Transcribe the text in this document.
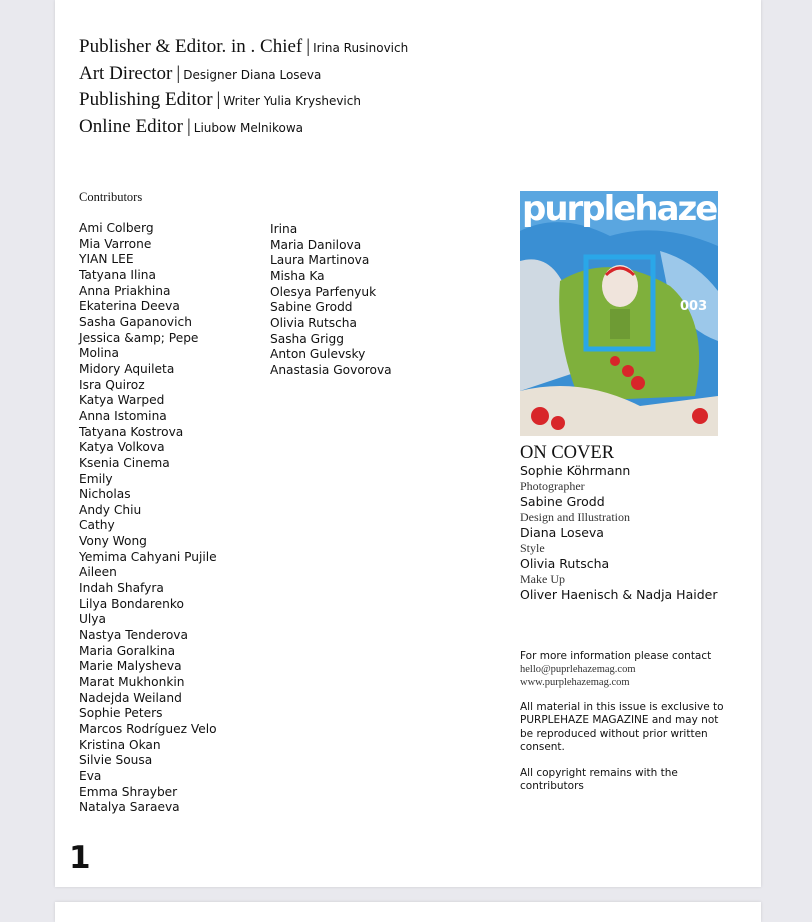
Publisher & Editor. in . Chief | Irina Rusinovich
Art Director | Designer Diana Loseva
Publishing Editor | Writer Yulia Kryshevich
Online Editor | Liubow Melnikowa
Contributors
Ami Colberg
Mia Varrone
YIAN LEE
Tatyana Ilina
Anna Priakhina
Ekaterina Deeva
Sasha Gapanovich
Jessica &amp; Pepe
Molina
Midory Aquileta
Isra Quiroz
Katya Warped
Anna Istomina
Tatyana Kostrova
Katya Volkova
Ksenia Cinema
Emily
Nicholas
Andy Chiu
Cathy
Vony Wong
Yemima Cahyani Pujile
Aileen
Indah Shafyra
Lilya Bondarenko
Ulya
Nastya Tenderova
Maria Goralkina
Marie Malysheva
Marat Mukhonkin
Nadejda Weiland
Sophie Peters
Marcos Rodríguez Velo
Kristina Okan
Silvie Sousa
Eva
Emma Shrayber
Natalya Saraeva
Irina
Maria Danilova
Laura Martinova
Misha Ka
Olesya Parfenyuk
Sabine Grodd
Olivia Rutscha
Sasha Grigg
Anton Gulevsky
Anastasia Govorova
purplehaze
003
ON COVER
Sophie Köhrmann
Photographer
Sabine Grodd
Design and Illustration
Diana Loseva
Style
Olivia Rutscha
Make Up
Oliver Haenisch & Nadja Haider
For more information please contact
hello@puprlehazemag.com
www.purplehazemag.com
All material in this issue is exclusive to PURPLEHAZE MAGAZINE and may not be reproduced without prior written consent.
All copyright remains with the contributors
1
